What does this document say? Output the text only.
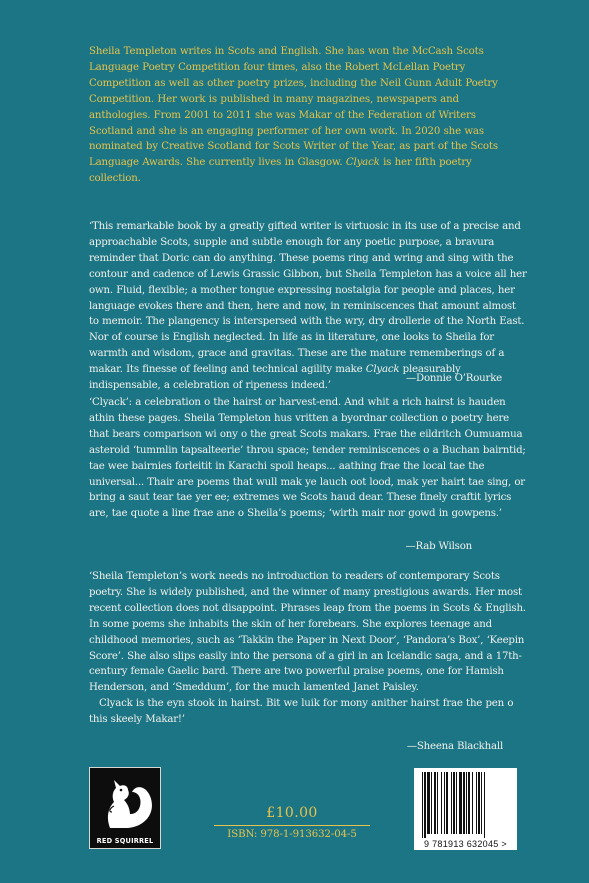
Sheila Templeton writes in Scots and English. She has won the McCash Scots Language Poetry Competition four times, also the Robert McLellan Poetry Competition as well as other poetry prizes, including the Neil Gunn Adult Poetry Competition. Her work is published in many magazines, newspapers and anthologies. From 2001 to 2011 she was Makar of the Federation of Writers Scotland and she is an engaging performer of her own work. In 2020 she was nominated by Creative Scotland for Scots Writer of the Year, as part of the Scots Language Awards. She currently lives in Glasgow. Clyack is her fifth poetry collection.

‘This remarkable book by a greatly gifted writer is virtuosic in its use of a precise and approachable Scots, supple and subtle enough for any poetic purpose, a bravura reminder that Doric can do anything. These poems ring and wring and sing with the contour and cadence of Lewis Grassic Gibbon, but Sheila Templeton has a voice all her own. Fluid, flexible; a mother tongue expressing nostalgia for people and places, her language evokes there and then, here and now, in reminiscences that amount almost to memoir. The plangency is interspersed with the wry, dry drollerie of the North East. Nor of course is English neglected. In life as in literature, one looks to Sheila for warmth and wisdom, grace and gravitas. These are the mature rememberings of a makar. Its finesse of feeling and technical agility make Clyack pleasurably indispensable, a celebration of ripeness indeed.’

—Donnie O’Rourke

‘Clyack’: a celebration o the hairst or harvest-end. And whit a rich hairst is hauden athin these pages. Sheila Templeton hus vritten a byordnar collection o poetry here that bears comparison wi ony o the great Scots makars. Frae the eildritch Oumuamua asteroid ‘tummlin tapsalteerie’ throu space; tender reminiscences o a Buchan bairntid; tae wee bairnies forleitit in Karachi spoil heaps... aathing frae the local tae the universal... Thair are poems that wull mak ye lauch oot lood, mak yer hairt tae sing, or bring a saut tear tae yer ee; extremes we Scots haud dear. These finely craftit lyrics are, tae quote a line frae ane o Sheila’s poems; ‘wirth mair nor gowd in gowpens.’

—Rab Wilson

‘Sheila Templeton’s work needs no introduction to readers of contemporary Scots poetry. She is widely published, and the winner of many prestigious awards. Her most recent collection does not disappoint. Phrases leap from the poems in Scots & English. In some poems she inhabits the skin of her forebears. She explores teenage and childhood memories, such as ‘Takkin the Paper in Next Door’, ‘Pandora’s Box’, ‘Keepin Score’. She also slips easily into the persona of a girl in an Icelandic saga, and a 17th-century female Gaelic bard. There are two powerful praise poems, one for Hamish Henderson, and ‘Smeddum’, for the much lamented Janet Paisley.

Clyack is the eyn stook in hairst. Bit we luik for mony anither hairst frae the pen o this skeely Makar!’

—Sheena Blackhall
RED SQUIRREL
£10.00
ISBN: 978-1-913632-04-5
9 781913 632045 >
